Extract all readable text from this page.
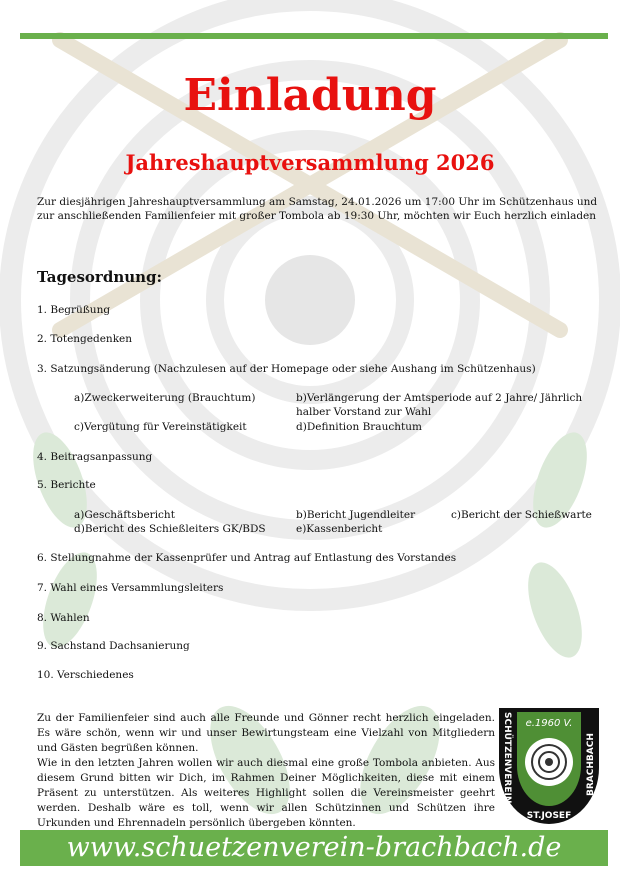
Einladung
Jahreshauptversammlung 2026
Zur diesjährigen Jahreshauptversammlung am Samstag, 24.01.2026 um 17:00 Uhr im Schützenhaus und
zur anschließenden Familienfeier mit großer Tombola ab 19:30 Uhr, möchten wir Euch herzlich einladen
Tagesordnung:
1. Begrüßung
2. Totengedenken
3. Satzungsänderung (Nachzulesen auf der Homepage oder siehe Aushang im Schützenhaus)
a)Zweckerweiterung (Brauchtum)	b)Verlängerung der Amtsperiode auf 2 Jahre/ Jährlich
halber Vorstand zur Wahl
c)Vergütung für Vereinstätigkeit	d)Definition Brauchtum
4. Beitragsanpassung
5. Berichte
a)Geschäftsbericht	b)Bericht Jugendleiter	c)Bericht der Schießwarte
d)Bericht des Schießleiters GK/BDS	e)Kassenbericht
6. Stellungnahme der Kassenprüfer und Antrag auf Entlastung des Vorstandes
7. Wahl eines Versammlungsleiters
8. Wahlen
9. Sachstand Dachsanierung
10. Verschiedenes
Zu der Familienfeier sind auch alle Freunde und Gönner recht herzlich eingeladen. Es wäre schön, wenn wir und unser Bewirtungsteam eine Vielzahl von Mitgliedern und Gästen begrüßen können.
Wie in den letzten Jahren wollen wir auch diesmal eine große Tombola anbieten. Aus diesem Grund bitten wir Dich, im Rahmen Deiner Möglichkeiten, diese mit einem Präsent zu unterstützen. Als weiteres Highlight sollen die Vereinsmeister geehrt werden. Deshalb wäre es toll, wenn wir allen Schützinnen und Schützen ihre Urkunden und Ehrennadeln persönlich übergeben könnten.
e.1960 V.
SCHÜTZENVEREIN	BRACHBACH
ST.JOSEF
www.schuetzenverein-brachbach.de
